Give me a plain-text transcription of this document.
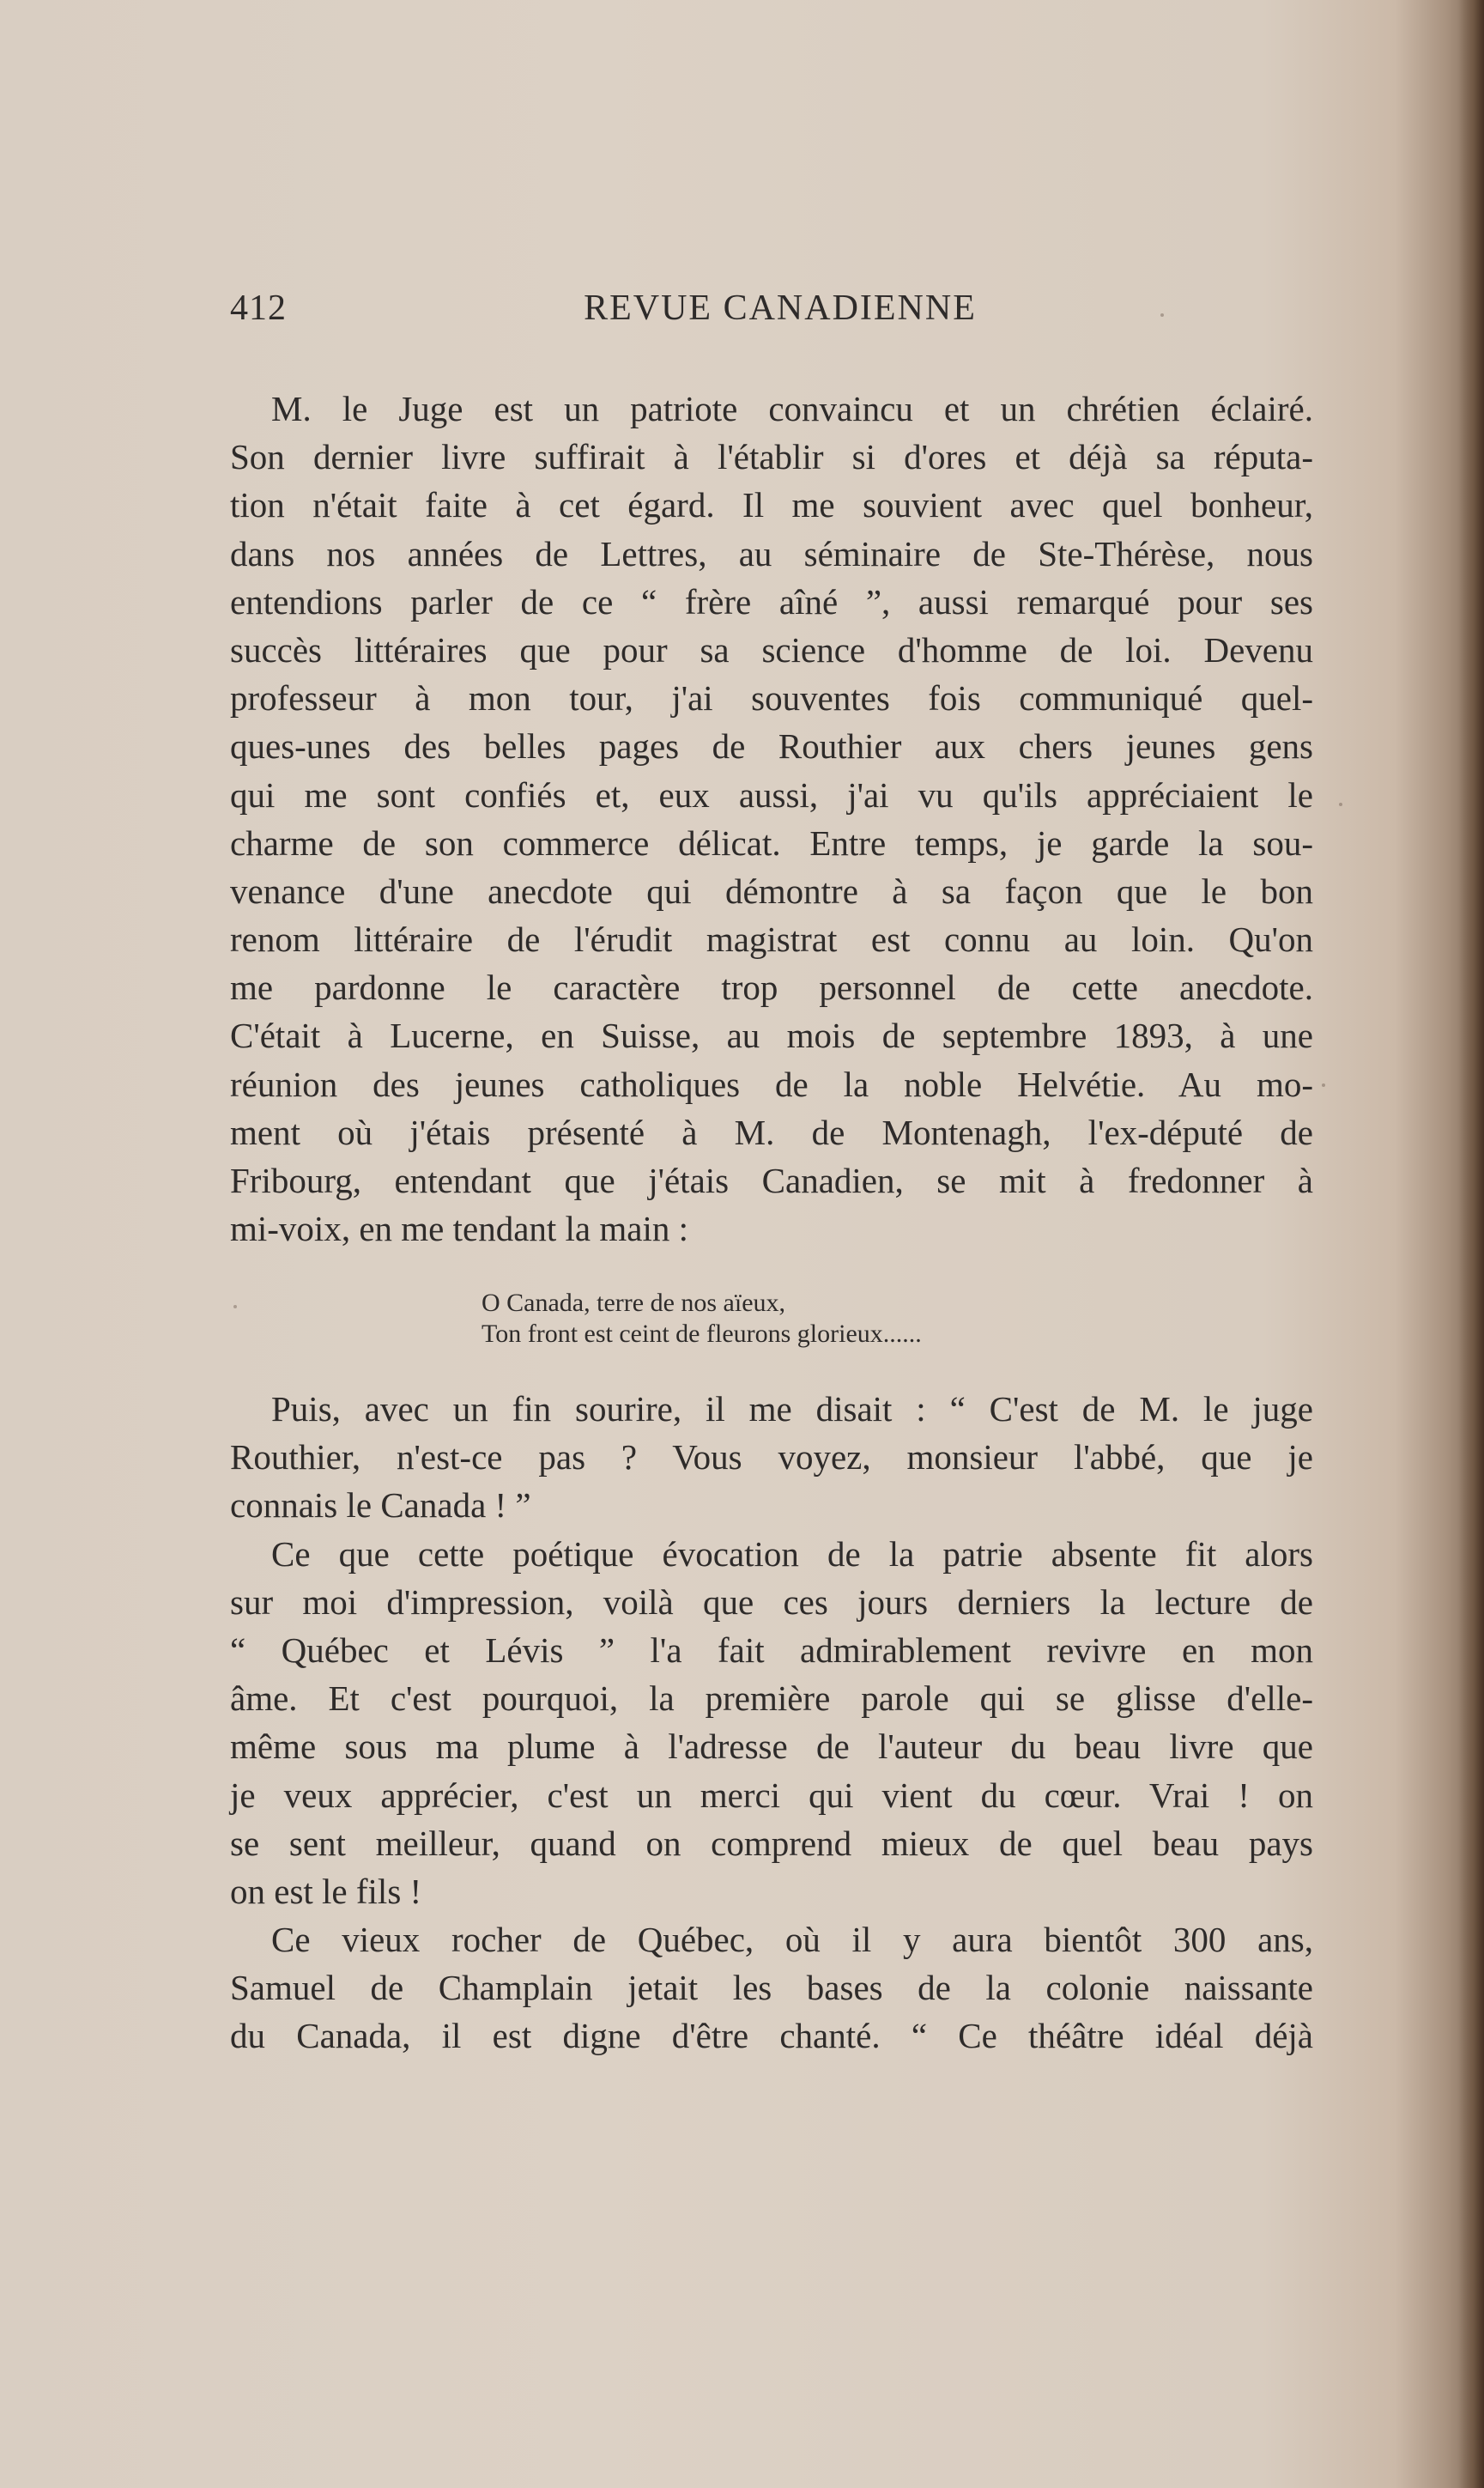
412	REVUE CANADIENNE
M. le Juge est un patriote convaincu et un chrétien éclairé.
Son dernier livre suffirait à l'établir si d'ores et déjà sa réputa-
tion n'était faite à cet égard. Il me souvient avec quel bonheur,
dans nos années de Lettres, au séminaire de Ste-Thérèse, nous
entendions parler de ce “ frère aîné ”, aussi remarqué pour ses
succès littéraires que pour sa science d'homme de loi. Devenu
professeur à mon tour, j'ai souventes fois communiqué quel-
ques-unes des belles pages de Routhier aux chers jeunes gens
qui me sont confiés et, eux aussi, j'ai vu qu'ils appréciaient le
charme de son commerce délicat. Entre temps, je garde la sou-
venance d'une anecdote qui démontre à sa façon que le bon
renom littéraire de l'érudit magistrat est connu au loin. Qu'on
me pardonne le caractère trop personnel de cette anecdote.
C'était à Lucerne, en Suisse, au mois de septembre 1893, à une
réunion des jeunes catholiques de la noble Helvétie. Au mo-
ment où j'étais présenté à M. de Montenagh, l'ex-député de
Fribourg, entendant que j'étais Canadien, se mit à fredonner à
mi-voix, en me tendant la main :
O Canada, terre de nos aïeux,
Ton front est ceint de fleurons glorieux......
Puis, avec un fin sourire, il me disait : “ C'est de M. le juge
Routhier, n'est-ce pas ? Vous voyez, monsieur l'abbé, que je
connais le Canada ! ”
Ce que cette poétique évocation de la patrie absente fit alors
sur moi d'impression, voilà que ces jours derniers la lecture de
“ Québec et Lévis ” l'a fait admirablement revivre en mon
âme. Et c'est pourquoi, la première parole qui se glisse d'elle-
même sous ma plume à l'adresse de l'auteur du beau livre que
je veux apprécier, c'est un merci qui vient du cœur. Vrai ! on
se sent meilleur, quand on comprend mieux de quel beau pays
on est le fils !
Ce vieux rocher de Québec, où il y aura bientôt 300 ans,
Samuel de Champlain jetait les bases de la colonie naissante
du Canada, il est digne d'être chanté. “ Ce théâtre idéal déjà
